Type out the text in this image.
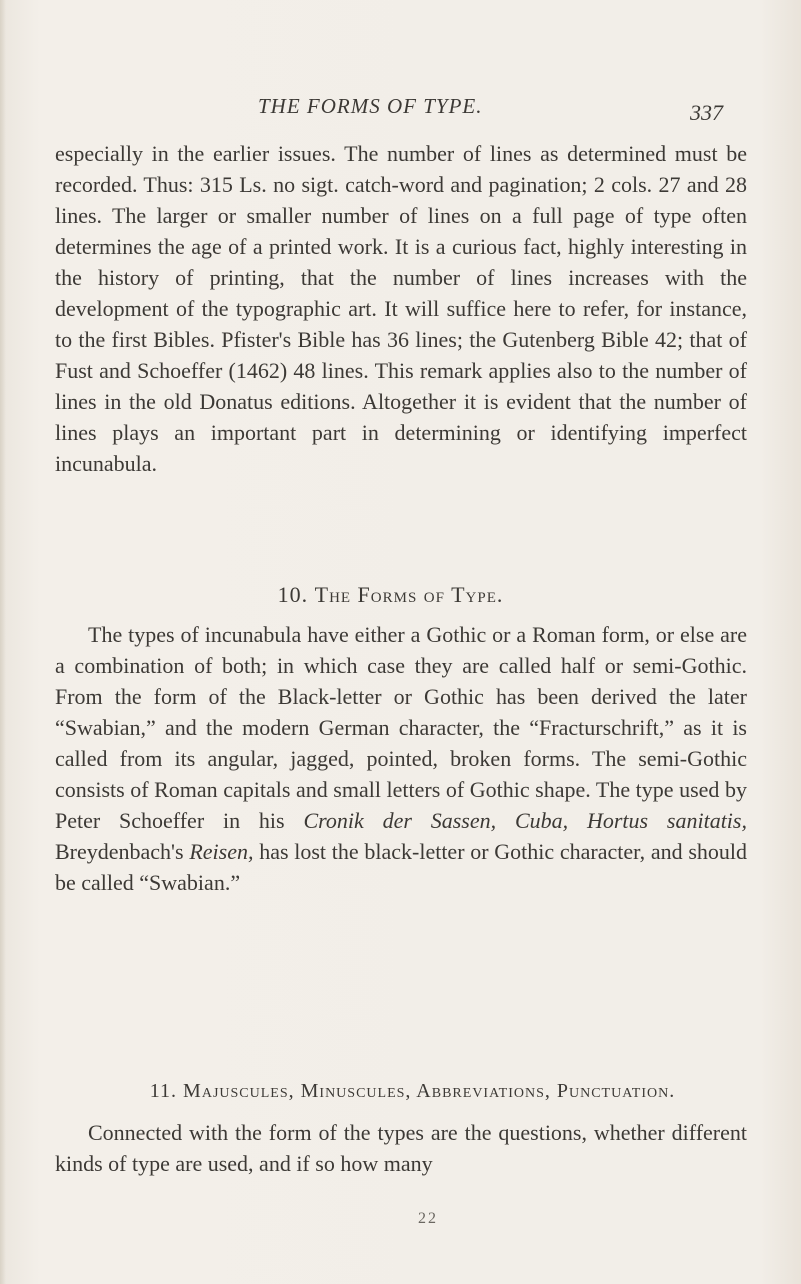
THE FORMS OF TYPE.	337

especially in the earlier issues. The number of lines as determined must be recorded. Thus: 315 Ls. no sigt. catch-word and pagination; 2 cols. 27 and 28 lines. The larger or smaller number of lines on a full page of type often determines the age of a printed work. It is a curious fact, highly interesting in the history of printing, that the number of lines increases with the development of the typographic art. It will suffice here to refer, for instance, to the first Bibles. Pfister's Bible has 36 lines; the Gutenberg Bible 42; that of Fust and Schoeffer (1462) 48 lines. This remark applies also to the number of lines in the old Donatus editions. Altogether it is evident that the number of lines plays an important part in determining or identifying imperfect incunabula.

10. The Forms of Type.

The types of incunabula have either a Gothic or a Roman form, or else are a combination of both; in which case they are called half or semi-Gothic. From the form of the Black-letter or Gothic has been derived the later “Swabian,” and the modern German character, the “Fracturschrift,” as it is called from its angular, jagged, pointed, broken forms. The semi-Gothic consists of Roman capitals and small letters of Gothic shape. The type used by Peter Schoeffer in his Cronik der Sassen, Cuba, Hortus sanitatis, Breydenbach's Reisen, has lost the black-letter or Gothic character, and should be called “Swabian.”

11. Majuscules, Minuscules, Abbreviations, Punctuation.

Connected with the form of the types are the questions, whether different kinds of type are used, and if so how many

22
